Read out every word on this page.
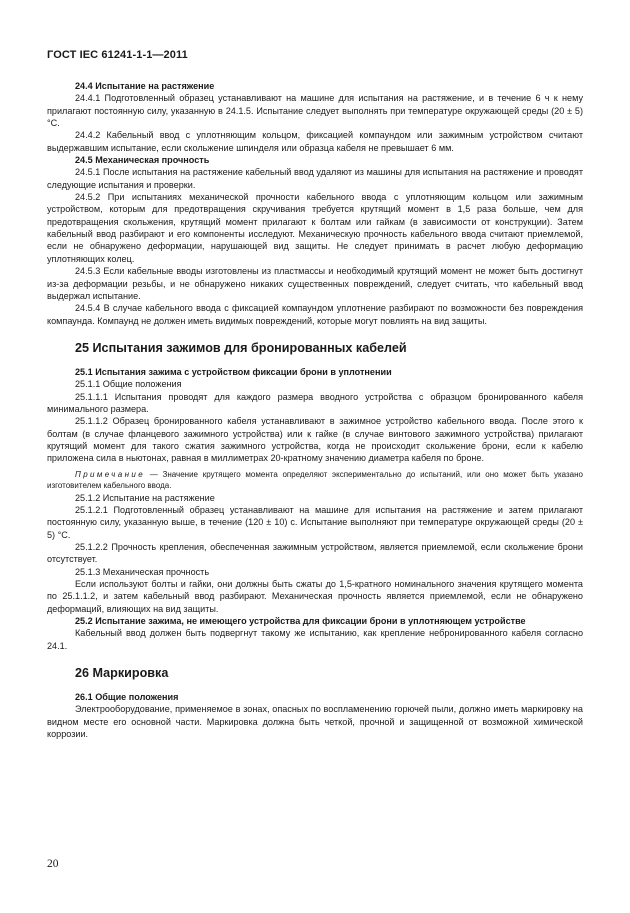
ГОСТ IEC 61241-1-1—2011

24.4 Испытание на растяжение

24.4.1 Подготовленный образец устанавливают на машине для испытания на растяжение, и в течение 6 ч к нему прилагают постоянную силу, указанную в 24.1.5. Испытание следует выполнять при температуре окружающей среды (20 ± 5) °С.

24.4.2 Кабельный ввод с уплотняющим кольцом, фиксацией компаундом или зажимным устройством считают выдержавшим испытание, если скольжение шпинделя или образца кабеля не превышает 6 мм.

24.5 Механическая прочность

24.5.1 После испытания на растяжение кабельный ввод удаляют из машины для испытания на растяжение и проводят следующие испытания и проверки.

24.5.2 При испытаниях механической прочности кабельного ввода с уплотняющим кольцом или зажимным устройством, которым для предотвращения скручивания требуется крутящий момент в 1,5 раза больше, чем для предотвращения скольжения, крутящий момент прилагают к болтам или гайкам (в зависимости от конструкции). Затем кабельный ввод разбирают и его компоненты исследуют. Механическую прочность кабельного ввода считают приемлемой, если не обнаружено деформации, нарушающей вид защиты. Не следует принимать в расчет любую деформацию уплотняющих колец.

24.5.3 Если кабельные вводы изготовлены из пластмассы и необходимый крутящий момент не может быть достигнут из-за деформации резьбы, и не обнаружено никаких существенных повреждений, следует считать, что кабельный ввод выдержал испытание.

24.5.4 В случае кабельного ввода с фиксацией компаундом уплотнение разбирают по возможности без повреждения компаунда. Компаунд не должен иметь видимых повреждений, которые могут повлиять на вид защиты.

25 Испытания зажимов для бронированных кабелей

25.1 Испытания зажима с устройством фиксации брони в уплотнении

25.1.1 Общие положения

25.1.1.1 Испытания проводят для каждого размера вводного устройства с образцом бронированного кабеля минимального размера.

25.1.1.2 Образец бронированного кабеля устанавливают в зажимное устройство кабельного ввода. После этого к болтам (в случае фланцевого зажимного устройства) или к гайке (в случае винтового зажимного устройства) прилагают крутящий момент для такого сжатия зажимного устройства, когда не происходит скольжение брони, если к кабелю приложена сила в ньютонах, равная в миллиметрах 20-кратному значению диаметра кабеля по броне.

Примечание — Значение крутящего момента определяют экспериментально до испытаний, или оно может быть указано изготовителем кабельного ввода.

25.1.2 Испытание на растяжение

25.1.2.1 Подготовленный образец устанавливают на машине для испытания на растяжение и затем прилагают постоянную силу, указанную выше, в течение (120 ± 10) с. Испытание выполняют при температуре окружающей среды (20 ± 5) °С.

25.1.2.2 Прочность крепления, обеспеченная зажимным устройством, является приемлемой, если скольжение брони отсутствует.

25.1.3 Механическая прочность

Если используют болты и гайки, они должны быть сжаты до 1,5-кратного номинального значения крутящего момента по 25.1.1.2, и затем кабельный ввод разбирают. Механическая прочность является приемлемой, если не обнаружено деформаций, влияющих на вид защиты.

25.2 Испытание зажима, не имеющего устройства для фиксации брони в уплотняющем устройстве

Кабельный ввод должен быть подвергнут такому же испытанию, как крепление небронированного кабеля согласно 24.1.

26 Маркировка

26.1 Общие положения

Электрооборудование, применяемое в зонах, опасных по воспламенению горючей пыли, должно иметь маркировку на видном месте его основной части. Маркировка должна быть четкой, прочной и защищенной от возможной химической коррозии.

20
